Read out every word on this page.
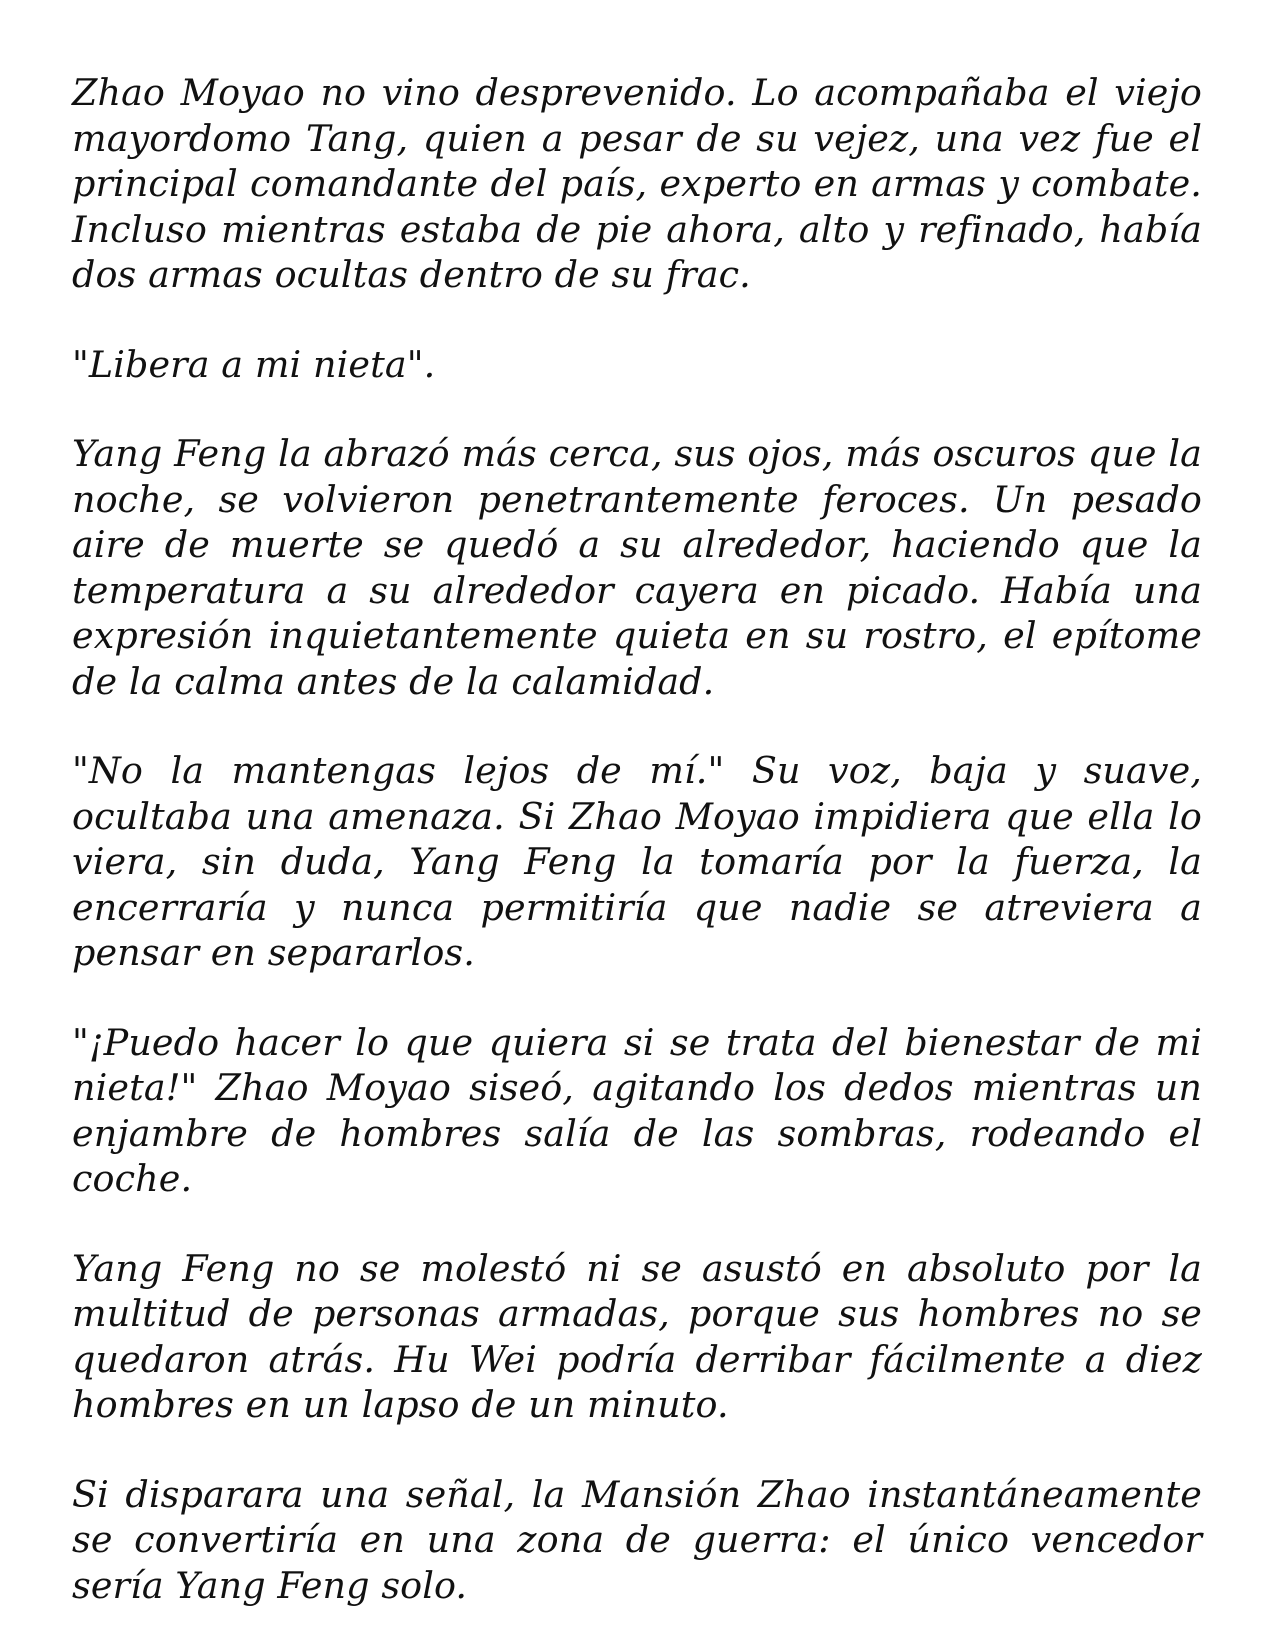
Zhao Moyao no vino desprevenido. Lo acompañaba el viejo mayordomo Tang, quien a pesar de su vejez, una vez fue el principal comandante del país, experto en armas y combate. Incluso mientras estaba de pie ahora, alto y refinado, había dos armas ocultas dentro de su frac.

"Libera a mi nieta".

Yang Feng la abrazó más cerca, sus ojos, más oscuros que la noche, se volvieron penetrantemente feroces. Un pesado aire de muerte se quedó a su alrededor, haciendo que la temperatura a su alrededor cayera en picado. Había una expresión inquietantemente quieta en su rostro, el epítome de la calma antes de la calamidad.

"No la mantengas lejos de mí." Su voz, baja y suave, ocultaba una amenaza. Si Zhao Moyao impidiera que ella lo viera, sin duda, Yang Feng la tomaría por la fuerza, la encerraría y nunca permitiría que nadie se atreviera a pensar en separarlos.

"¡Puedo hacer lo que quiera si se trata del bienestar de mi nieta!" Zhao Moyao siseó, agitando los dedos mientras un enjambre de hombres salía de las sombras, rodeando el coche.

Yang Feng no se molestó ni se asustó en absoluto por la multitud de personas armadas, porque sus hombres no se quedaron atrás. Hu Wei podría derribar fácilmente a diez hombres en un lapso de un minuto.

Si disparara una señal, la Mansión Zhao instantáneamente se convertiría en una zona de guerra: el único vencedor sería Yang Feng solo.
